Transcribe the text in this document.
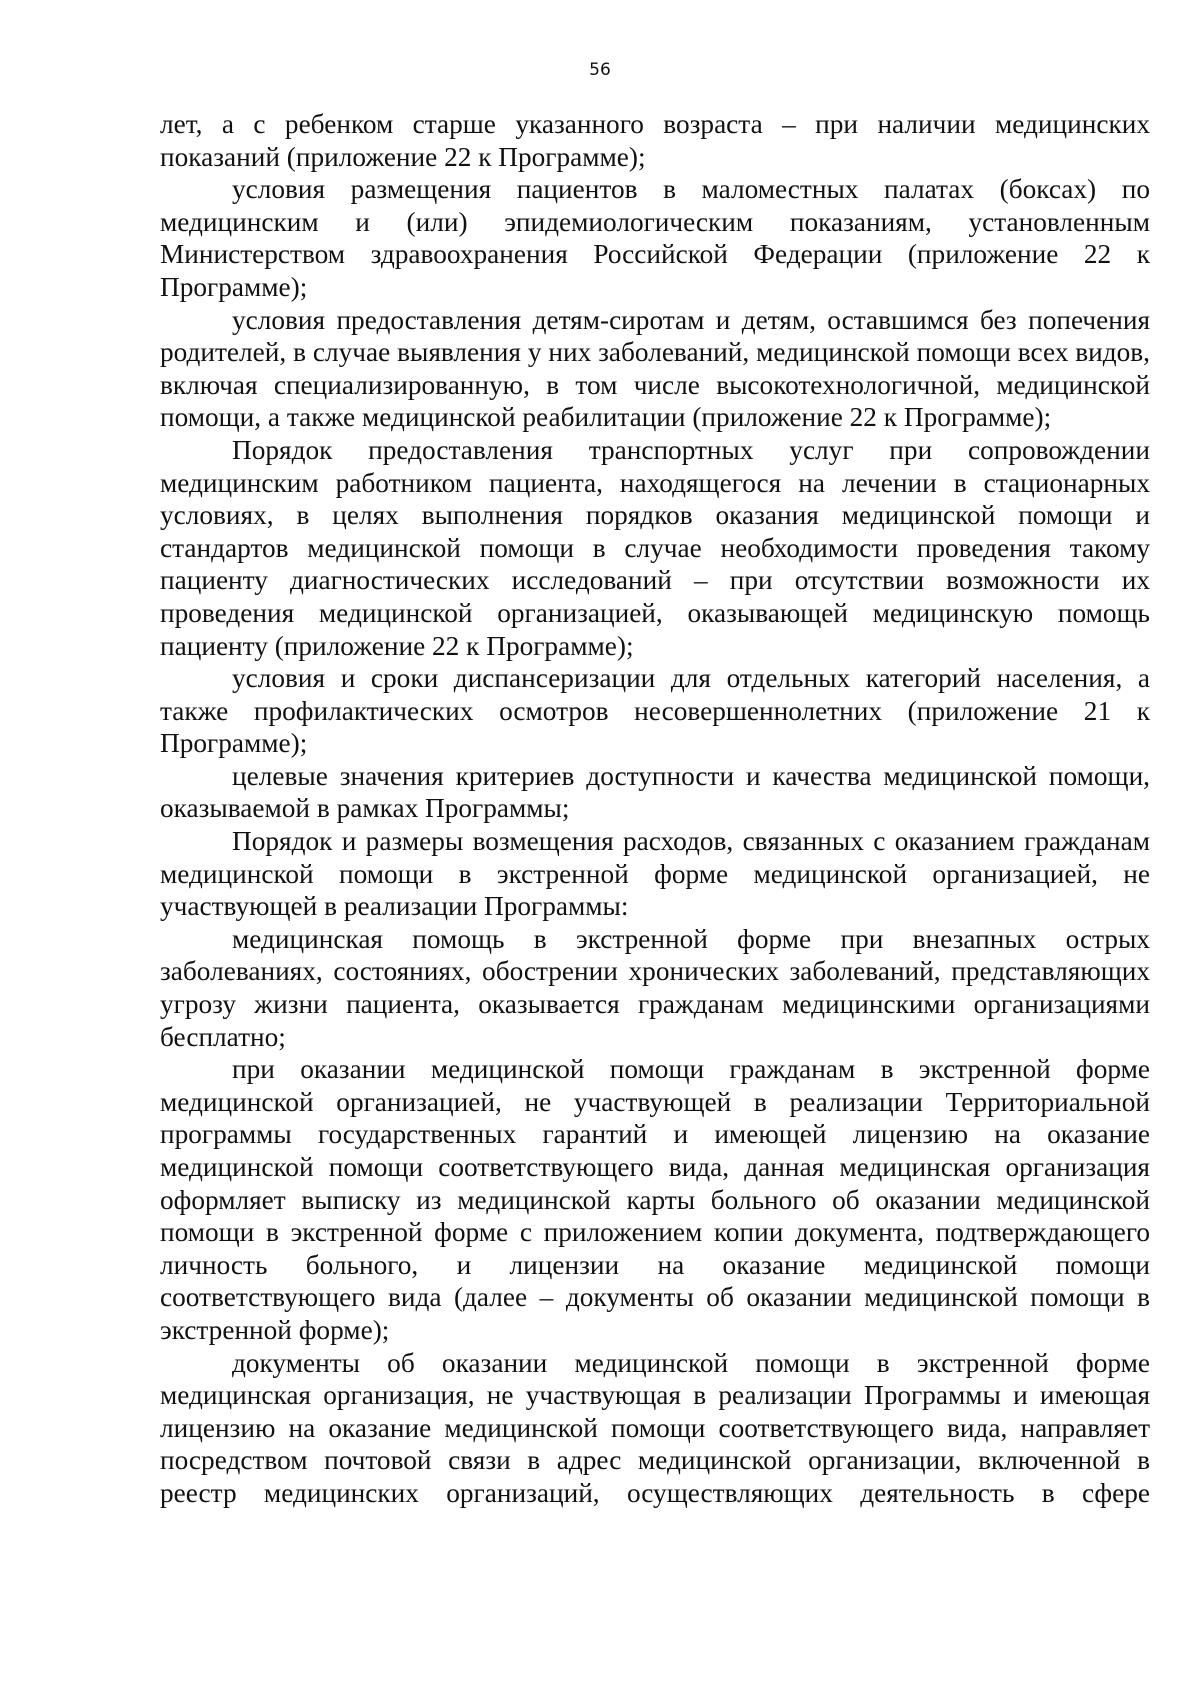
56

лет, а с ребенком старше указанного возраста – при наличии медицинских показаний (приложение 22 к Программе);

условия размещения пациентов в маломестных палатах (боксах) по медицинским и (или) эпидемиологическим показаниям, установленным Министерством здравоохранения Российской Федерации (приложение 22 к Программе);

условия предоставления детям-сиротам и детям, оставшимся без попечения родителей, в случае выявления у них заболеваний, медицинской помощи всех видов, включая специализированную, в том числе высокотехнологичной, медицинской помощи, а также медицинской реабилитации (приложение 22 к Программе);

Порядок предоставления транспортных услуг при сопровождении медицинским работником пациента, находящегося на лечении в стационарных условиях, в целях выполнения порядков оказания медицинской помощи и стандартов медицинской помощи в случае необходимости проведения такому пациенту диагностических исследований – при отсутствии возможности их проведения медицинской организацией, оказывающей медицинскую помощь пациенту (приложение 22 к Программе);

условия и сроки диспансеризации для отдельных категорий населения, а также профилактических осмотров несовершеннолетних (приложение 21 к Программе);

целевые значения критериев доступности и качества медицинской помощи, оказываемой в рамках Программы;

Порядок и размеры возмещения расходов, связанных с оказанием гражданам медицинской помощи в экстренной форме медицинской организацией, не участвующей в реализации Программы:

медицинская помощь в экстренной форме при внезапных острых заболеваниях, состояниях, обострении хронических заболеваний, представляющих угрозу жизни пациента, оказывается гражданам медицинскими организациями бесплатно;

при оказании медицинской помощи гражданам в экстренной форме медицинской организацией, не участвующей в реализации Территориальной программы государственных гарантий и имеющей лицензию на оказание медицинской помощи соответствующего вида, данная медицинская организация оформляет выписку из медицинской карты больного об оказании медицинской помощи в экстренной форме с приложением копии документа, подтверждающего личность больного, и лицензии на оказание медицинской помощи соответствующего вида (далее – документы об оказании медицинской помощи в экстренной форме);

документы об оказании медицинской помощи в экстренной форме медицинская организация, не участвующая в реализации Программы и имеющая лицензию на оказание медицинской помощи соответствующего вида, направляет посредством почтовой связи в адрес медицинской организации, включенной в реестр медицинских организаций, осуществляющих деятельность в сфере
